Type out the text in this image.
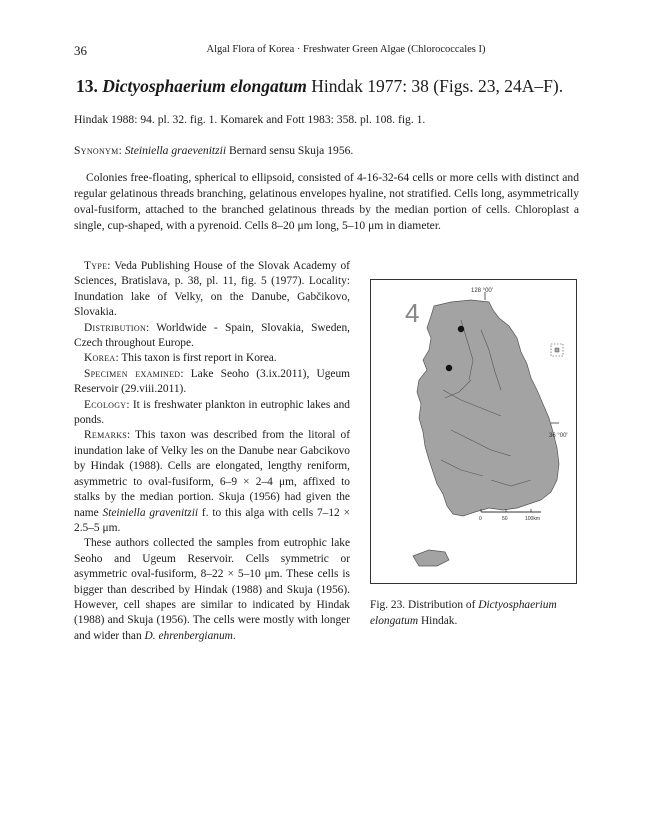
36	Algal Flora of Korea · Freshwater Green Algae (Chlorococcales I)
13. Dictyosphaerium elongatum Hindak 1977: 38 (Figs. 23, 24A–F).
Hindak 1988: 94. pl. 32. fig. 1. Komarek and Fott 1983: 358. pl. 108. fig. 1.
Synonym: Steiniella graevenitzii Bernard sensu Skuja 1956.

Colonies free-floating, spherical to ellipsoid, consisted of 4-16-32-64 cells or more cells with distinct and regular gelatinous threads branching, gelatinous envelopes hyaline, not stratified. Cells long, asymmetrically oval-fusiform, attached to the branched gelatinous threads by the median portion of cells. Chloroplast a single, cup-shaped, with a pyrenoid. Cells 8–20 μm long, 5–10 μm in diameter.

Type: Veda Publishing House of the Slovak Academy of Sciences, Bratislava, p. 38, pl. 11, fig. 5 (1977). Locality: Inundation lake of Velky, on the Danube, Gabčikovo, Slovakia.

Distribution: Worldwide - Spain, Slovakia, Sweden, Czech throughout Europe.

Korea: This taxon is first report in Korea.

Specimen examined: Lake Seoho (3.ix.2011), Ugeum Reservoir (29.viii.2011).

Ecology: It is freshwater plankton in eutrophic lakes and ponds.

Remarks: This taxon was described from the litoral of inundation lake of Velky les on the Danube near Gabcikovo by Hindak (1988). Cells are elongated, lengthy reniform, asymmetric to oval-fusiform, 6–9 × 2–4 μm, affixed to stalks by the median portion. Skuja (1956) had given the name Steiniella gravenitzii f. to this alga with cells 7–12 × 2.5–5 μm.

These authors collected the samples from eutrophic lake Seoho and Ugeum Reservoir. Cells symmetric or asymmetric oval-fusiform, 8–22 × 5–10 μm. These cells is bigger than described by Hindak (1988) and Skuja (1956). However, cell shapes are similar to indicated by Hindak (1988) and Skuja (1956). The cells were mostly with longer and wider than D. ehrenbergianum.

4
128 °00'
36 °00'
0	50	100km
Fig. 23. Distribution of Dictyosphaerium elongatum Hindak.
